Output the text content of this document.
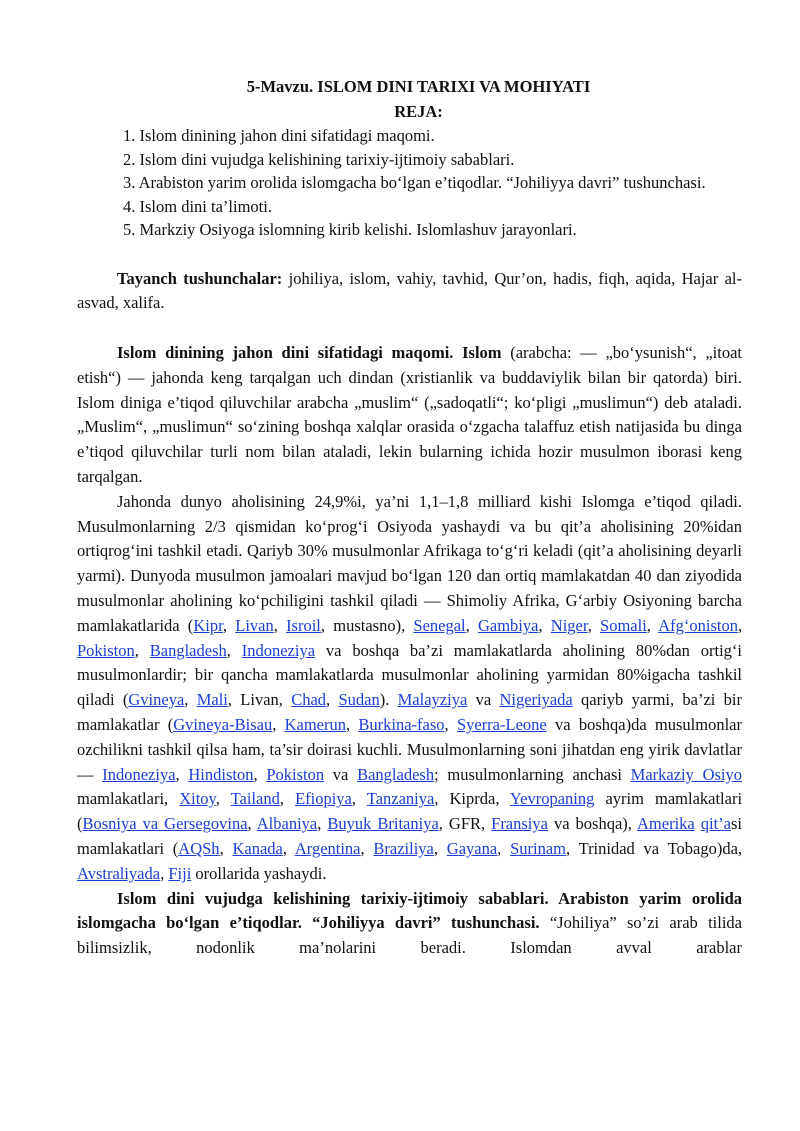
5-Mavzu. ISLOM DINI TARIXI VA MOHIYATI

REJA:

1. Islom dinining jahon dini sifatidagi maqomi.
2. Islom dini vujudga kelishining tarixiy-ijtimoiy sabablari.
3. Arabiston yarim orolida islomgacha bo‘lgan e’tiqodlar. “Johiliyya davri” tushunchasi.
4. Islom dini ta’limoti.
5. Markziy Osiyoga islomning kirib kelishi. Islomlashuv jarayonlari.

Tayanch tushunchalar: johiliya, islom, vahiy, tavhid, Qur’on, hadis, fiqh, aqida, Hajar al-asvad, xalifa.

Islom dinining jahon dini sifatidagi maqomi. Islom (arabcha: — „bo‘ysunish“, „itoat etish“) — jahonda keng tarqalgan uch dindan (xristianlik va buddaviylik bilan bir qatorda) biri. Islom diniga e’tiqod qiluvchilar arabcha „muslim“ („sadoqatli“; ko‘pligi „muslimun“) deb ataladi. „Muslim“, „muslimun“ so‘zining boshqa xalqlar orasida o‘zgacha talaffuz etish natijasida bu dinga e’tiqod qiluvchilar turli nom bilan ataladi, lekin bularning ichida hozir musulmon iborasi keng tarqalgan.

Jahonda dunyo aholisining 24,9%i, ya’ni 1,1–1,8 milliard kishi Islomga e’tiqod qiladi. Musulmonlarning 2/3 qismidan ko‘prog‘i Osiyoda yashaydi va bu qit’a aholisining 20%idan ortiqrog‘ini tashkil etadi. Qariyb 30% musulmonlar Afrikaga to‘g‘ri keladi (qit’a aholisining deyarli yarmi). Dunyoda musulmon jamoalari mavjud bo‘lgan 120 dan ortiq mamlakatdan 40 dan ziyodida musulmonlar aholining ko‘pchiligini tashkil qiladi — Shimoliy Afrika, G‘arbiy Osiyoning barcha mamlakatlarida (Kipr, Livan, Isroil, mustasno), Senegal, Gambiya, Niger, Somali, Afg‘oniston, Pokiston, Bangladesh, Indoneziya va boshqa ba’zi mamlakatlarda aholining 80%dan ortig‘i musulmonlardir; bir qancha mamlakatlarda musulmonlar aholining yarmidan 80%igacha tashkil qiladi (Gvineya, Mali, Livan, Chad, Sudan). Malayziya va Nigeriyada qariyb yarmi, ba’zi bir mamlakatlar (Gvineya-Bisau, Kamerun, Burkina-faso, Syerra-Leone va boshqa)da musulmonlar ozchilikni tashkil qilsa ham, ta’sir doirasi kuchli. Musulmonlarning soni jihatdan eng yirik davlatlar — Indoneziya, Hindiston, Pokiston va Bangladesh; musulmonlarning anchasi Markaziy Osiyo mamlakatlari, Xitoy, Tailand, Efiopiya, Tanzaniya, Kiprda, Yevropaning ayrim mamlakatlari (Bosniya va Gersegovina, Albaniya, Buyuk Britaniya, GFR, Fransiya va boshqa), Amerika qit’asi mamlakatlari (AQSh, Kanada, Argentina, Braziliya, Gayana, Surinam, Trinidad va Tobago)da, Avstraliyada, Fiji orollarida yashaydi.

Islom dini vujudga kelishining tarixiy-ijtimoiy sabablari. Arabiston yarim orolida islomgacha bo‘lgan e’tiqodlar. “Johiliyya davri” tushunchasi. “Johiliya” so’zi arab tilida bilimsizlik, nodonlik ma’nolarini beradi. Islomdan avval arablar
